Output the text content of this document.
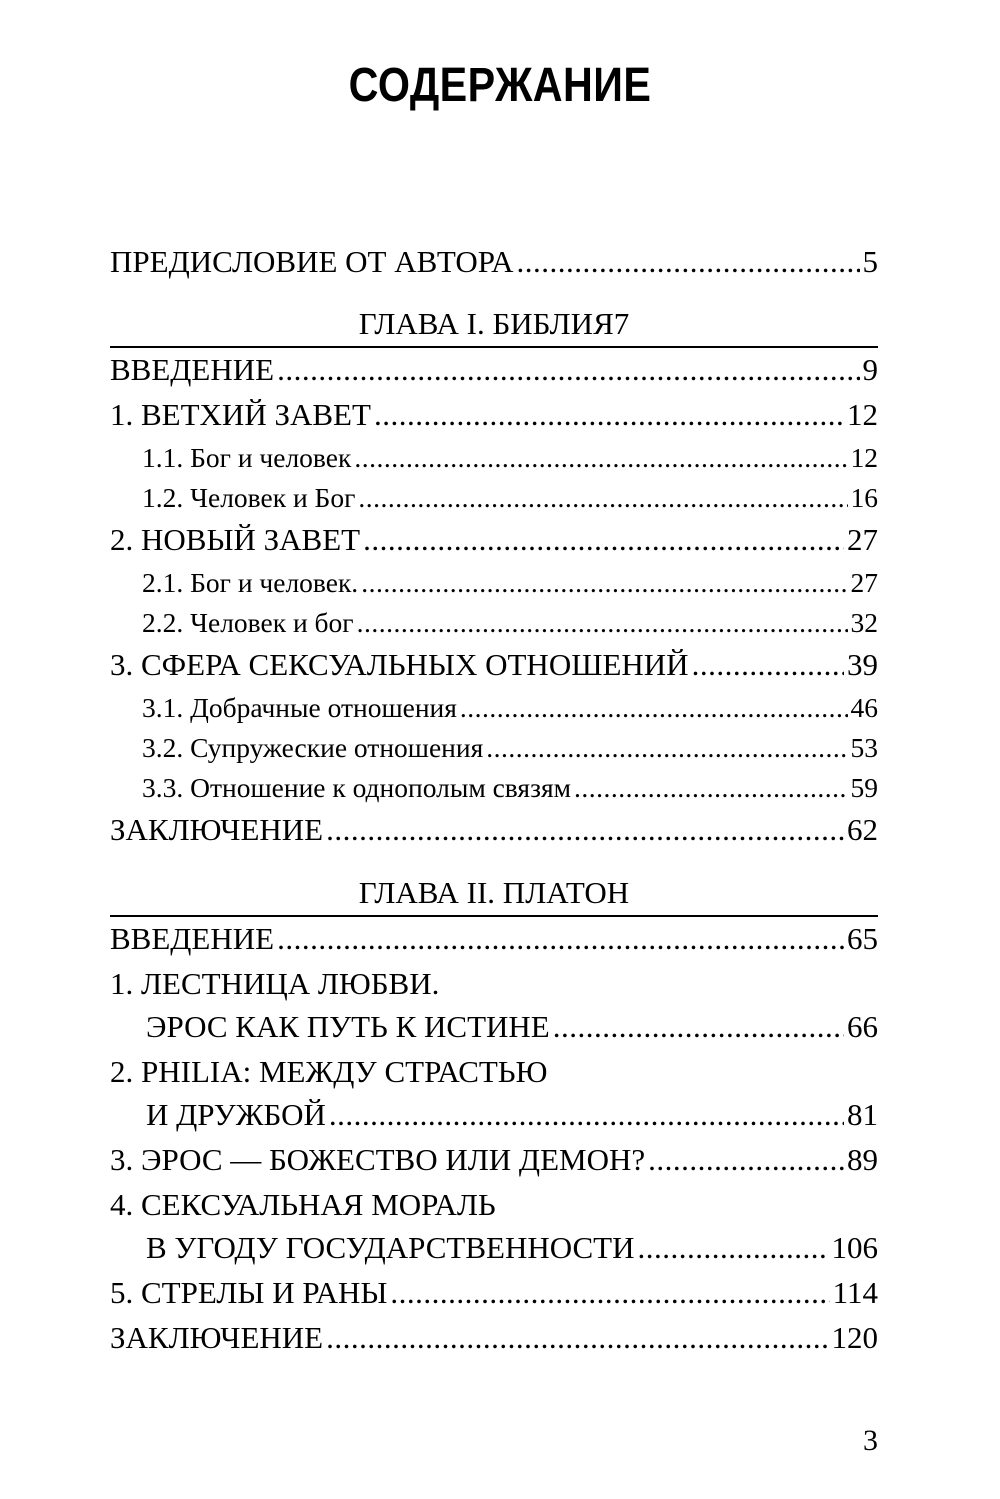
СОДЕРЖАНИЕ
ПРЕДИСЛОВИЕ ОТ АВТОРА .....	5
ГЛАВА I. БИБЛИЯ7
ВВЕДЕНИЕ .....	9
1. ВЕТХИЙ ЗАВЕТ .....	12
1.1. Бог и человек .....	12
1.2. Человек и Бог .....	16
2. НОВЫЙ ЗАВЕТ .....	27
2.1. Бог и человек. .....	27
2.2. Человек и бог .....	32
3. СФЕРА СЕКСУАЛЬНЫХ ОТНОШЕНИЙ .....	39
3.1. Добрачные отношения .....	46
3.2. Супружеские отношения .....	53
3.3. Отношение к однополым связям .....	59
ЗАКЛЮЧЕНИЕ .....	62
ГЛАВА II. ПЛАТОН
ВВЕДЕНИЕ .....	65
1. ЛЕСТНИЦА ЛЮБВИ.
ЭРОС КАК ПУТЬ К ИСТИНЕ .....	66
2. PHILIA: МЕЖДУ СТРАСТЬЮ
И ДРУЖБОЙ .....	81
3. ЭРОС — БОЖЕСТВО ИЛИ ДЕМОН? .....	89
4. СЕКСУАЛЬНАЯ МОРАЛЬ
В УГОДУ ГОСУДАРСТВЕННОСТИ .....	106
5. СТРЕЛЫ И РАНЫ .....	114
ЗАКЛЮЧЕНИЕ .....	120
3
